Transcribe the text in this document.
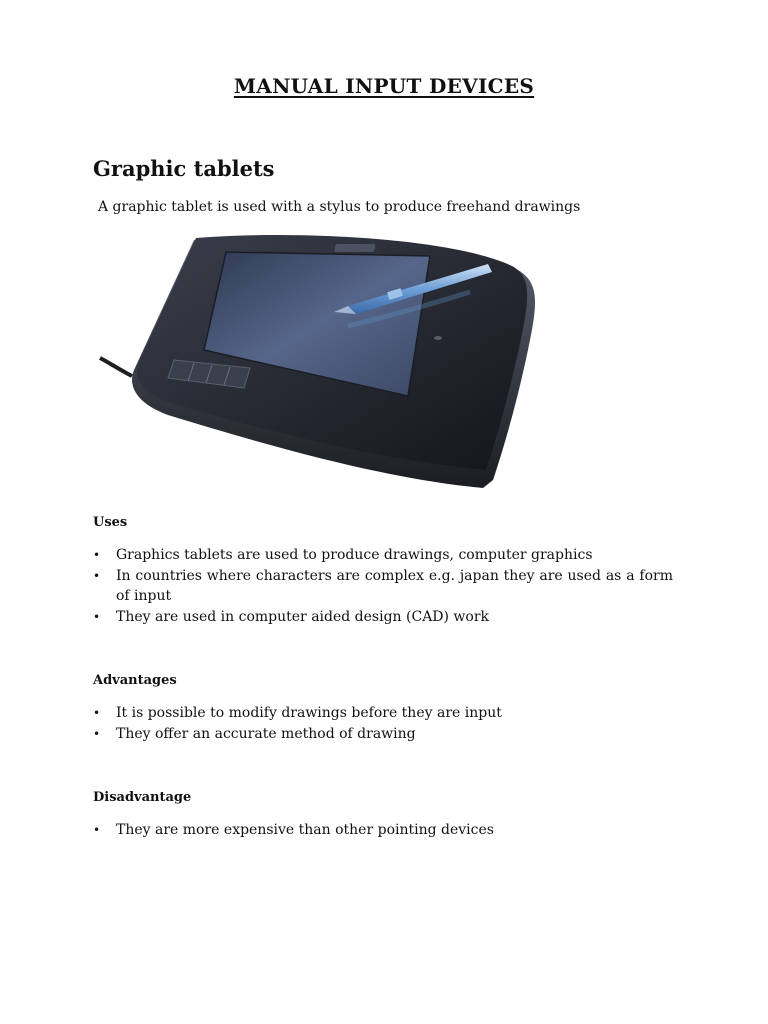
MANUAL INPUT DEVICES
Graphic tablets
A graphic tablet is used with a stylus to produce freehand drawings
Uses
• Graphics tablets are used to produce drawings, computer graphics
• In countries where characters are complex e.g. japan they are used as a form of input
• They are used in computer aided design (CAD) work
Advantages
• It is possible to modify drawings before they are input
• They offer an accurate method of drawing
Disadvantage
• They are more expensive than other pointing devices
